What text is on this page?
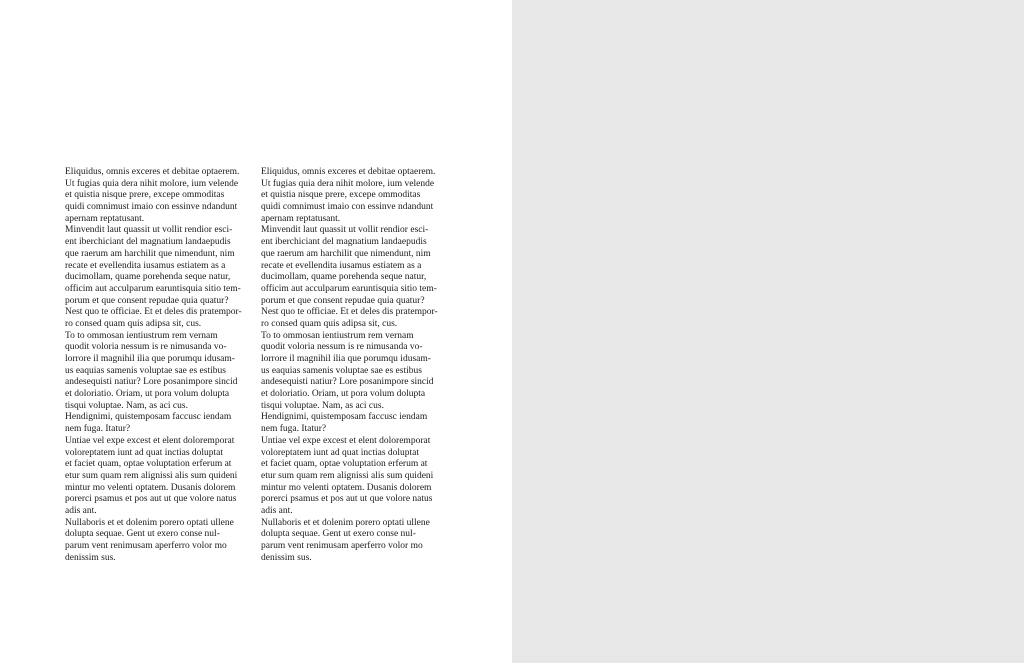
Eliquidus, omnis exceres et debitae optaerem.
Ut fugias quia dera nihit molore, ium velende
et quistia nisque prere, excepe ommoditas
quidi comnimust imaio con essinve ndandunt
apernam reptatusant.
Minvendit laut quassit ut vollit rendior esci-
ent iberchiciant del magnatium landaepudis
que raerum am harchilit que nimendunt, nim
recate et evellendita iusamus estiatem as a
ducimollam, quame porehenda seque natur,
officim aut acculparum earuntisquia sitio tem-
porum et que consent repudae quia quatur?
Nest quo te officiae. Et et deles dis pratempor-
ro consed quam quis adipsa sit, cus.
To to ommosan ientiustrum rem vernam
quodit voloria nessum is re nimusanda vo-
lorrore il magnihil ilia que porumqu idusam-
us eaquias samenis voluptae sae es estibus
andesequisti natiur? Lore posanimpore sincid
et doloriatio. Oriam, ut pora volum dolupta
tisqui voluptae. Nam, as aci cus.
Hendignimi, quistemposam faccusc iendam
nem fuga. Itatur?
Untiae vel expe excest et elent doloremporat
voloreptatem iunt ad quat inctias doluptat
et faciet quam, optae voluptation erferum at
etur sum quam rem alignissi alis sum quideni
mintur mo velenti optatem. Dusanis dolorem
porerci psamus et pos aut ut que volore natus
adis ant.
Nullaboris et et dolenim porero optati ullene
dolupta sequae. Gent ut exero conse nul-
parum vent renimusam aperferro volor mo
denissim sus.
Eliquidus, omnis exceres et debitae optaerem.
Ut fugias quia dera nihit molore, ium velende
et quistia nisque prere, excepe ommoditas
quidi comnimust imaio con essinve ndandunt
apernam reptatusant.
Minvendit laut quassit ut vollit rendior esci-
ent iberchiciant del magnatium landaepudis
que raerum am harchilit que nimendunt, nim
recate et evellendita iusamus estiatem as a
ducimollam, quame porehenda seque natur,
officim aut acculparum earuntisquia sitio tem-
porum et que consent repudae quia quatur?
Nest quo te officiae. Et et deles dis pratempor-
ro consed quam quis adipsa sit, cus.
To to ommosan ientiustrum rem vernam
quodit voloria nessum is re nimusanda vo-
lorrore il magnihil ilia que porumqu idusam-
us eaquias samenis voluptae sae es estibus
andesequisti natiur? Lore posanimpore sincid
et doloriatio. Oriam, ut pora volum dolupta
tisqui voluptae. Nam, as aci cus.
Hendignimi, quistemposam faccusc iendam
nem fuga. Itatur?
Untiae vel expe excest et elent doloremporat
voloreptatem iunt ad quat inctias doluptat
et faciet quam, optae voluptation erferum at
etur sum quam rem alignissi alis sum quideni
mintur mo velenti optatem. Dusanis dolorem
porerci psamus et pos aut ut que volore natus
adis ant.
Nullaboris et et dolenim porero optati ullene
dolupta sequae. Gent ut exero conse nul-
parum vent renimusam aperferro volor mo
denissim sus.
